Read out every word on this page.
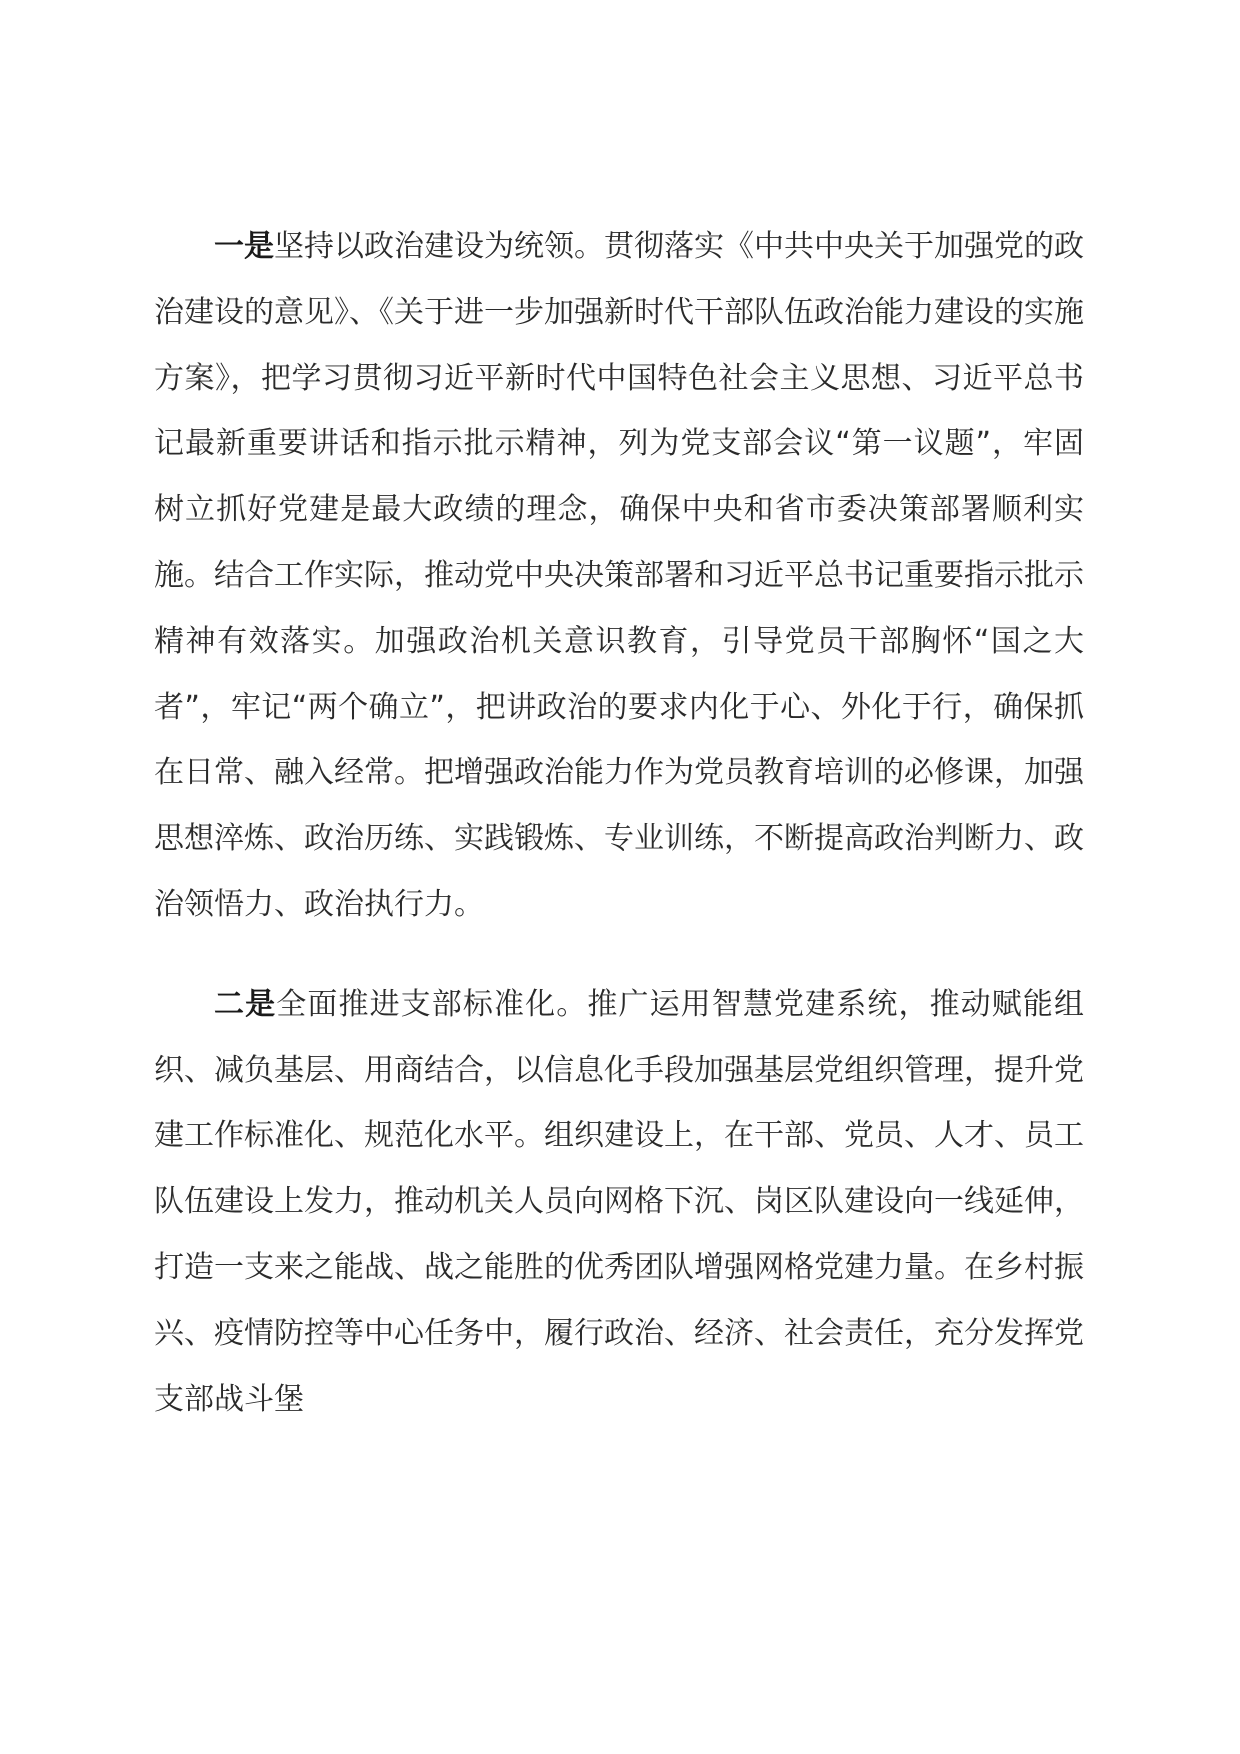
一是坚持以政治建设为统领。贯彻落实《中共中央关于加强党的政治建设的意见》、《关于进一步加强新时代干部队伍政治能力建设的实施方案》，把学习贯彻习近平新时代中国特色社会主义思想、习近平总书记最新重要讲话和指示批示精神，列为党支部会议“第一议题”，牢固树立抓好党建是最大政绩的理念，确保中央和省市委决策部署顺利实施。结合工作实际，推动党中央决策部署和习近平总书记重要指示批示精神有效落实。加强政治机关意识教育，引导党员干部胸怀“国之大者”，牢记“两个确立”，把讲政治的要求内化于心、外化于行，确保抓在日常、融入经常。把增强政治能力作为党员教育培训的必修课，加强思想淬炼、政治历练、实践锻炼、专业训练，不断提高政治判断力、政治领悟力、政治执行力。

二是全面推进支部标准化。推广运用智慧党建系统，推动赋能组织、减负基层、用商结合，以信息化手段加强基层党组织管理，提升党建工作标准化、规范化水平。组织建设上，在干部、党员、人才、员工队伍建设上发力，推动机关人员向网格下沉、岗区队建设向一线延伸，打造一支来之能战、战之能胜的优秀团队增强网格党建力量。在乡村振兴、疫情防控等中心任务中，履行政治、经济、社会责任，充分发挥党支部战斗堡
